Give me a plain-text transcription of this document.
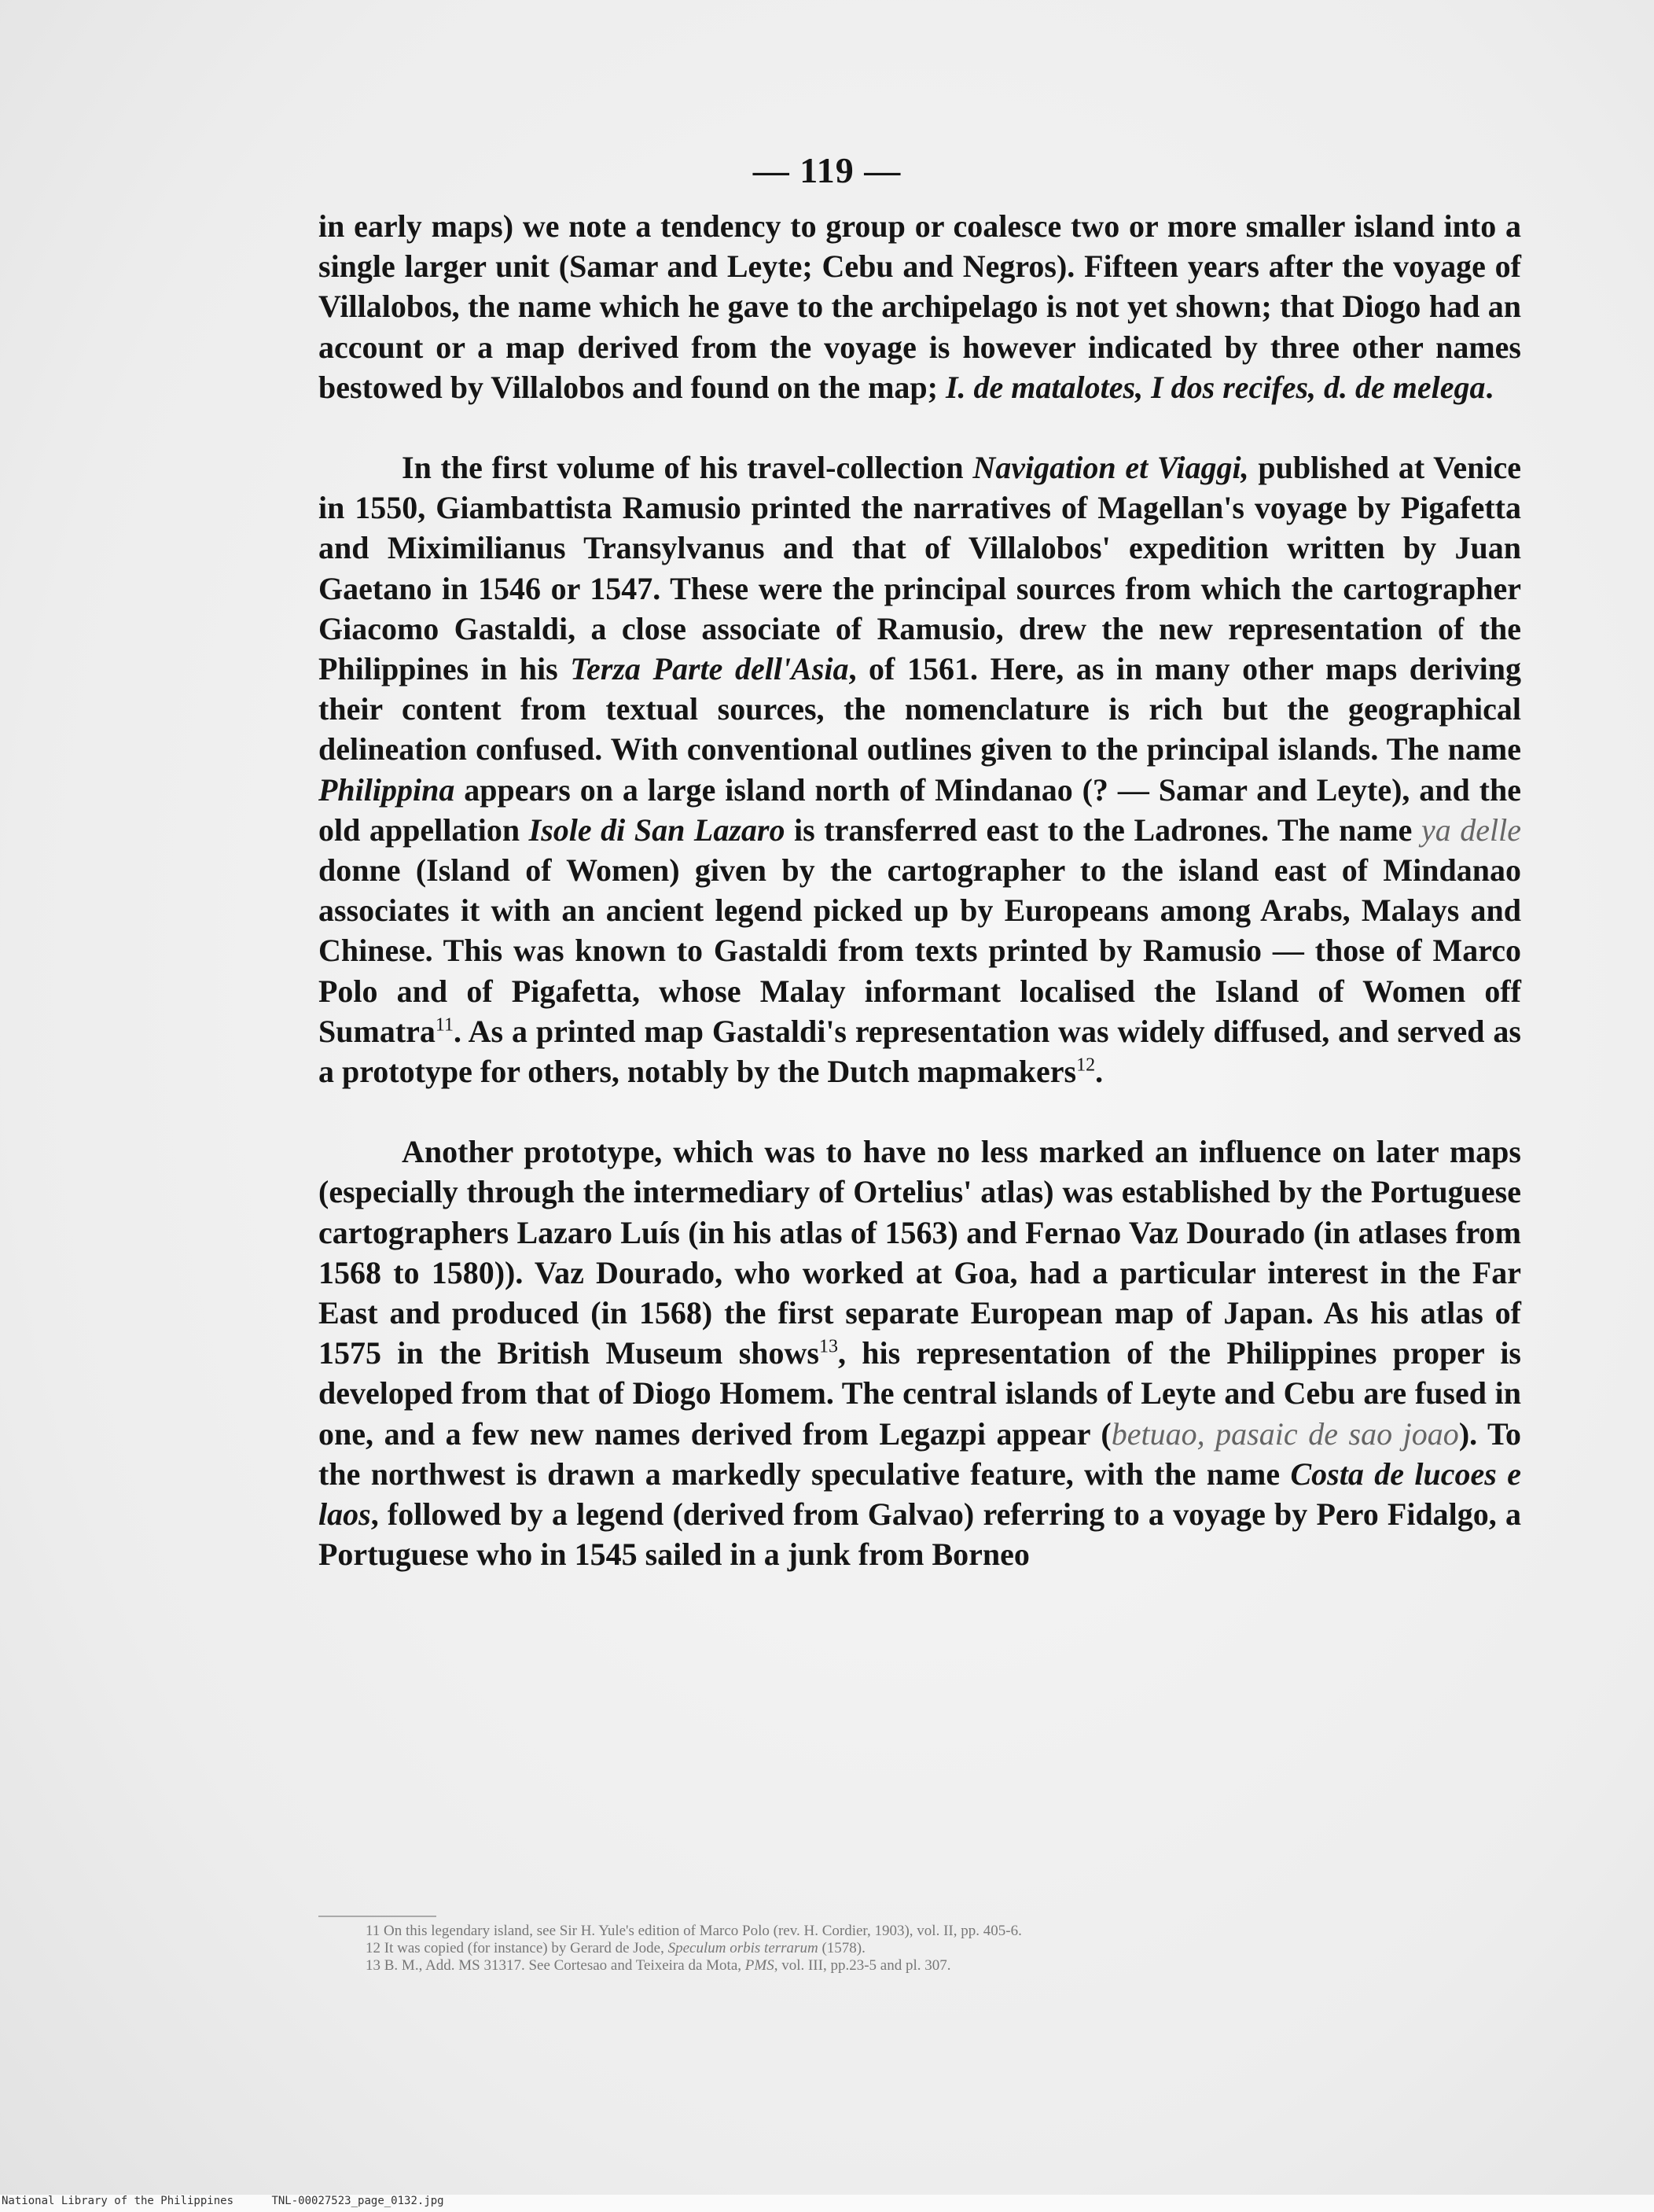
— 119 —

in early maps) we note a tendency to group or coalesce two or more smaller island into a single larger unit (Samar and Leyte; Cebu and Negros). Fifteen years after the voyage of Villalobos, the name which he gave to the archipelago is not yet shown; that Diogo had an account or a map derived from the voyage is however indicated by three other names bestowed by Villalobos and found on the map; I. de matalotes, I dos recifes, d. de melega.

In the first volume of his travel-collection Navigation et Viaggi, published at Venice in 1550, Giambattista Ramusio printed the narratives of Magellan's voyage by Pigafetta and Miximilianus Transylvanus and that of Villalobos' expedition written by Juan Gaetano in 1546 or 1547. These were the principal sources from which the cartographer Giacomo Gastaldi, a close associate of Ramusio, drew the new representation of the Philippines in his Terza Parte dell'Asia, of 1561. Here, as in many other maps deriving their content from textual sources, the nomenclature is rich but the geographical delineation confused. With conventional outlines given to the principal islands. The name Philippina appears on a large island north of Mindanao (? — Samar and Leyte), and the old appellation Isole di San Lazaro is transferred east to the Ladrones. The name ya delle donne (Island of Women) given by the cartographer to the island east of Mindanao associates it with an ancient legend picked up by Europeans among Arabs, Malays and Chinese. This was known to Gastaldi from texts printed by Ramusio — those of Marco Polo and of Pigafetta, whose Malay informant localised the Island of Women off Sumatra$^{11}$. As a printed map Gastaldi's representation was widely diffused, and served as a prototype for others, notably by the Dutch mapmakers$^{12}$.

Another prototype, which was to have no less marked an influence on later maps (especially through the intermediary of Ortelius' atlas) was established by the Portuguese cartographers Lazaro Luís (in his atlas of 1563) and Fernao Vaz Dourado (in atlases from 1568 to 1580)). Vaz Dourado, who worked at Goa, had a particular interest in the Far East and produced (in 1568) the first separate European map of Japan. As his atlas of 1575 in the British Museum shows$^{13}$, his representation of the Philippines proper is developed from that of Diogo Homem. The central islands of Leyte and Cebu are fused in one, and a few new names derived from Legazpi appear (betuao, pasaic de sao joao). To the northwest is drawn a markedly speculative feature, with the name Costa de lucoes e laos, followed by a legend (derived from Galvao) referring to a voyage by Pero Fidalgo, a Portuguese who in 1545 sailed in a junk from Borneo

11 On this legendary island, see Sir H. Yule's edition of Marco Polo (rev. H. Cordier, 1903), vol. II, pp. 405-6.
12 It was copied (for instance) by Gerard de Jode, Speculum orbis terrarum (1578).
13 B. M., Add. MS 31317. See Cortesao and Teixeira da Mota, PMS, vol. III, pp.23-5 and pl. 307.
National Library of the Philippines	TNL-00027523_page_0132.jpg
